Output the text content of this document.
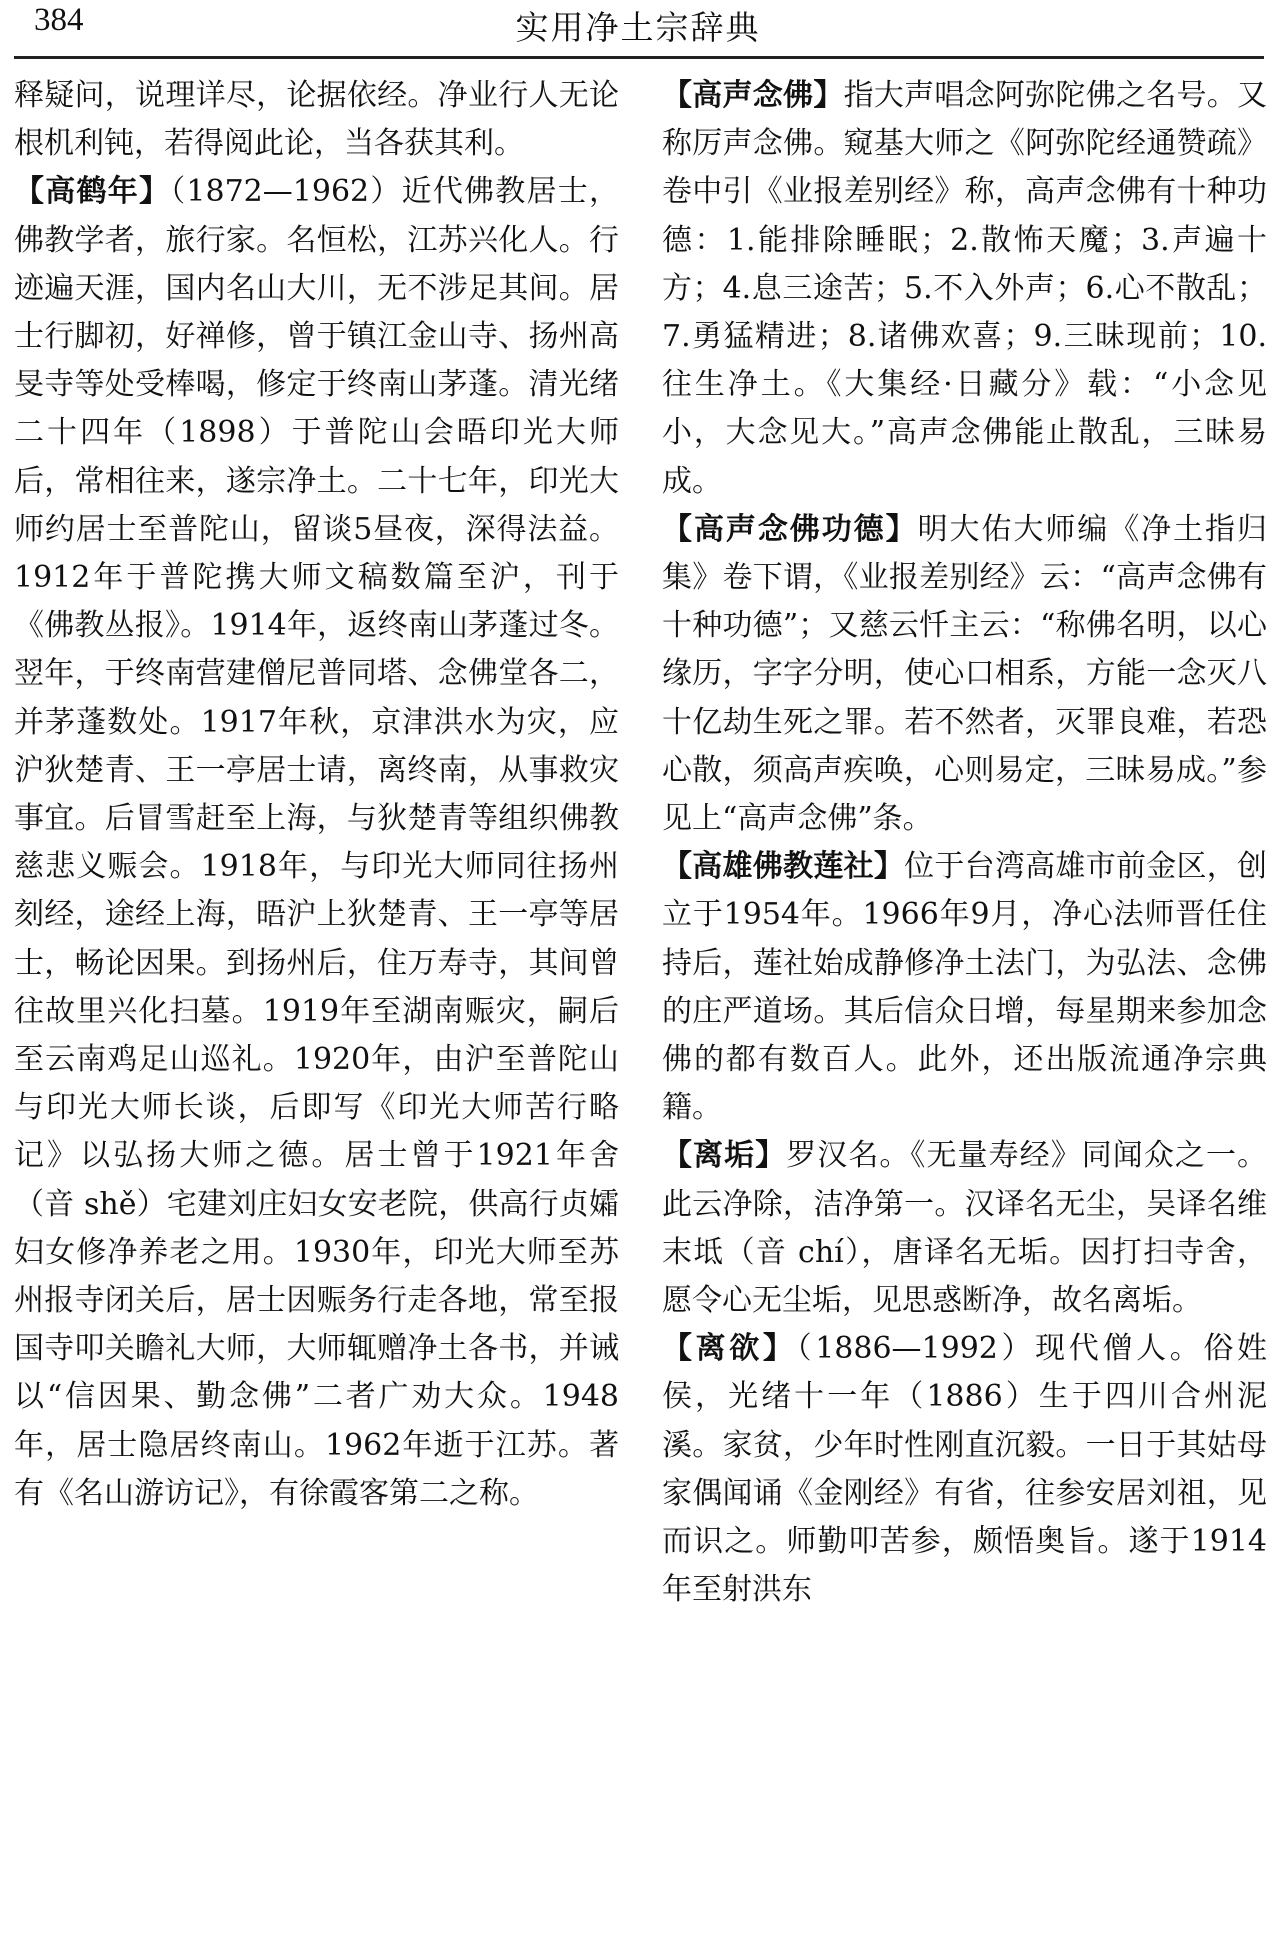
384	实用净土宗辞典

释疑问，说理详尽，论据依经。净业行人无论根机利钝，若得阅此论，当各获其利。

【高鹤年】（1872—1962）近代佛教居士，佛教学者，旅行家。名恒松，江苏兴化人。行迹遍天涯，国内名山大川，无不涉足其间。居士行脚初，好禅修，曾于镇江金山寺、扬州高旻寺等处受棒喝，修定于终南山茅蓬。清光绪二十四年（1898）于普陀山会晤印光大师后，常相往来，遂宗净土。二十七年，印光大师约居士至普陀山，留谈5昼夜，深得法益。1912年于普陀携大师文稿数篇至沪，刊于《佛教丛报》。1914年，返终南山茅蓬过冬。翌年，于终南营建僧尼普同塔、念佛堂各二，并茅蓬数处。1917年秋，京津洪水为灾，应沪狄楚青、王一亭居士请，离终南，从事救灾事宜。后冒雪赶至上海，与狄楚青等组织佛教慈悲义赈会。1918年，与印光大师同往扬州刻经，途经上海，晤沪上狄楚青、王一亭等居士，畅论因果。到扬州后，住万寿寺，其间曾往故里兴化扫墓。1919年至湖南赈灾，嗣后至云南鸡足山巡礼。1920年，由沪至普陀山与印光大师长谈，后即写《印光大师苦行略记》以弘扬大师之德。居士曾于1921年舍（音 shě）宅建刘庄妇女安老院，供高行贞孀妇女修净养老之用。1930年，印光大师至苏州报寺闭关后，居士因赈务行走各地，常至报国寺叩关瞻礼大师，大师辄赠净土各书，并诫以“信因果、勤念佛”二者广劝大众。1948年，居士隐居终南山。1962年逝于江苏。著有《名山游访记》，有徐霞客第二之称。

【高声念佛】指大声唱念阿弥陀佛之名号。又称厉声念佛。窥基大师之《阿弥陀经通赞疏》卷中引《业报差别经》称，高声念佛有十种功德：1.能排除睡眠；2.散怖天魔；3.声遍十方；4.息三途苦；5.不入外声；6.心不散乱；7.勇猛精进；8.诸佛欢喜；9.三昧现前；10.往生净土。《大集经·日藏分》载：“小念见小，大念见大。”高声念佛能止散乱，三昧易成。

【高声念佛功德】明大佑大师编《净土指归集》卷下谓，《业报差别经》云：“高声念佛有十种功德”；又慈云忏主云：“称佛名明，以心缘历，字字分明，使心口相系，方能一念灭八十亿劫生死之罪。若不然者，灭罪良难，若恐心散，须高声疾唤，心则易定，三昧易成。”参见上“高声念佛”条。

【高雄佛教莲社】位于台湾高雄市前金区，创立于1954年。1966年9月，净心法师晋任住持后，莲社始成静修净土法门，为弘法、念佛的庄严道场。其后信众日增，每星期来参加念佛的都有数百人。此外，还出版流通净宗典籍。

【离垢】罗汉名。《无量寿经》同闻众之一。此云净除，洁净第一。汉译名无尘，吴译名维末坻（音 chí），唐译名无垢。因打扫寺舍，愿令心无尘垢，见思惑断净，故名离垢。

【离欲】（1886—1992）现代僧人。俗姓侯，光绪十一年（1886）生于四川合州泥溪。家贫，少年时性刚直沉毅。一日于其姑母家偶闻诵《金刚经》有省，往参安居刘祖，见而识之。师勤叩苦参，颇悟奥旨。遂于1914年至射洪东
